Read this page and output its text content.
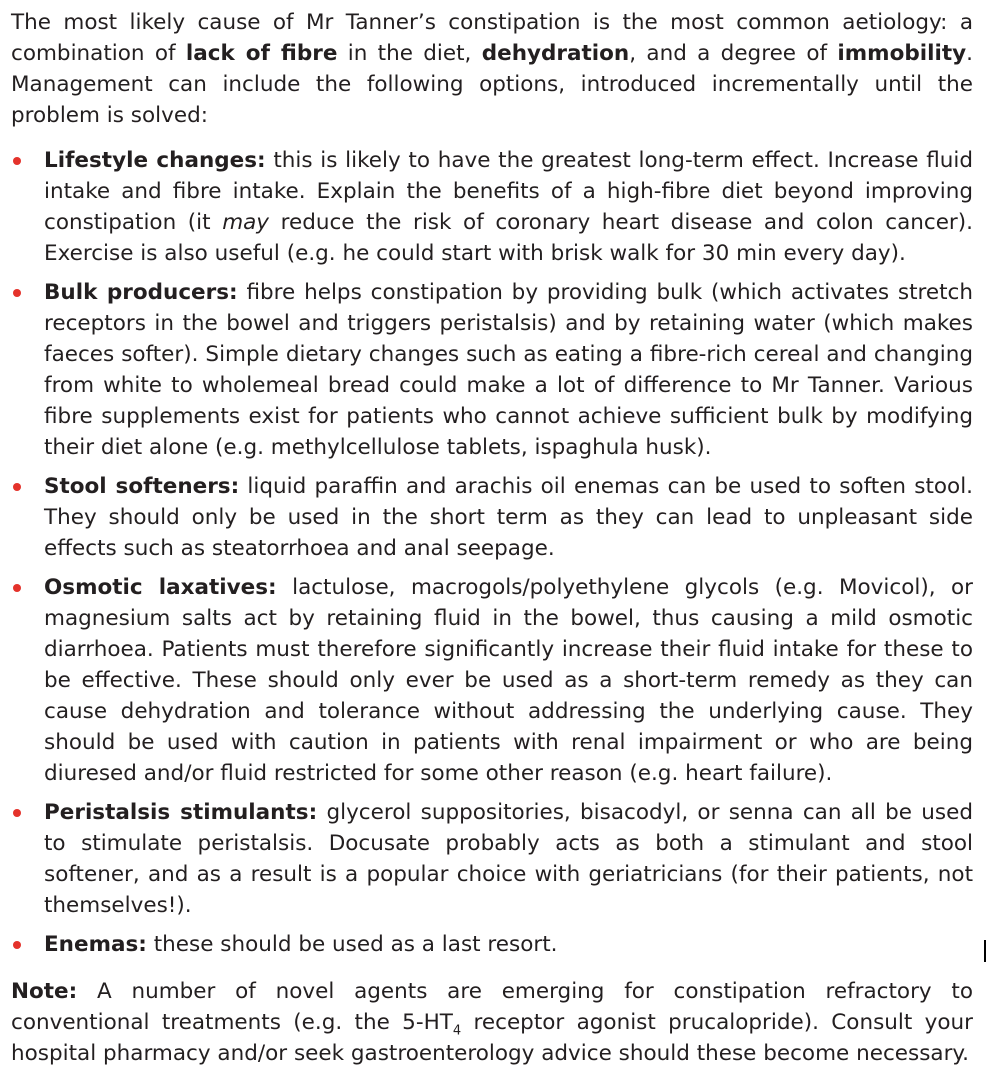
The most likely cause of Mr Tanner’s constipation is the most common aetiology: a combination of lack of fibre in the diet, dehydration, and a degree of immobility. Management can include the following options, introduced incrementally until the problem is solved:

Lifestyle changes: this is likely to have the greatest long-term effect. Increase fluid intake and fibre intake. Explain the benefits of a high-fibre diet beyond improving constipation (it may reduce the risk of coronary heart disease and colon cancer). Exercise is also useful (e.g. he could start with brisk walk for 30 min every day).
Bulk producers: fibre helps constipation by providing bulk (which activates stretch receptors in the bowel and triggers peristalsis) and by retaining water (which makes faeces softer). Simple dietary changes such as eating a fibre-rich cereal and changing from white to wholemeal bread could make a lot of difference to Mr Tanner. Various fibre supplements exist for patients who cannot achieve sufficient bulk by modifying their diet alone (e.g. methylcellulose tablets, ispaghula husk).
Stool softeners: liquid paraffin and arachis oil enemas can be used to soften stool. They should only be used in the short term as they can lead to unpleasant side effects such as steatorrhoea and anal seepage.
Osmotic laxatives: lactulose, macrogols/polyethylene glycols (e.g. Movicol), or magnesium salts act by retaining fluid in the bowel, thus causing a mild osmotic diarrhoea. Patients must therefore significantly increase their fluid intake for these to be effective. These should only ever be used as a short-term remedy as they can cause dehydration and tolerance without addressing the underlying cause. They should be used with caution in patients with renal impairment or who are being diuresed and/or fluid restricted for some other reason (e.g. heart failure).
Peristalsis stimulants: glycerol suppositories, bisacodyl, or senna can all be used to stimulate peristalsis. Docusate probably acts as both a stimulant and stool softener, and as a result is a popular choice with geriatricians (for their patients, not themselves!).
Enemas: these should be used as a last resort.

Note: A number of novel agents are emerging for constipation refractory to conventional treatments (e.g. the $5-HT_4$ receptor agonist prucalopride). Consult your hospital pharmacy and/or seek gastroenterology advice should these become necessary.
